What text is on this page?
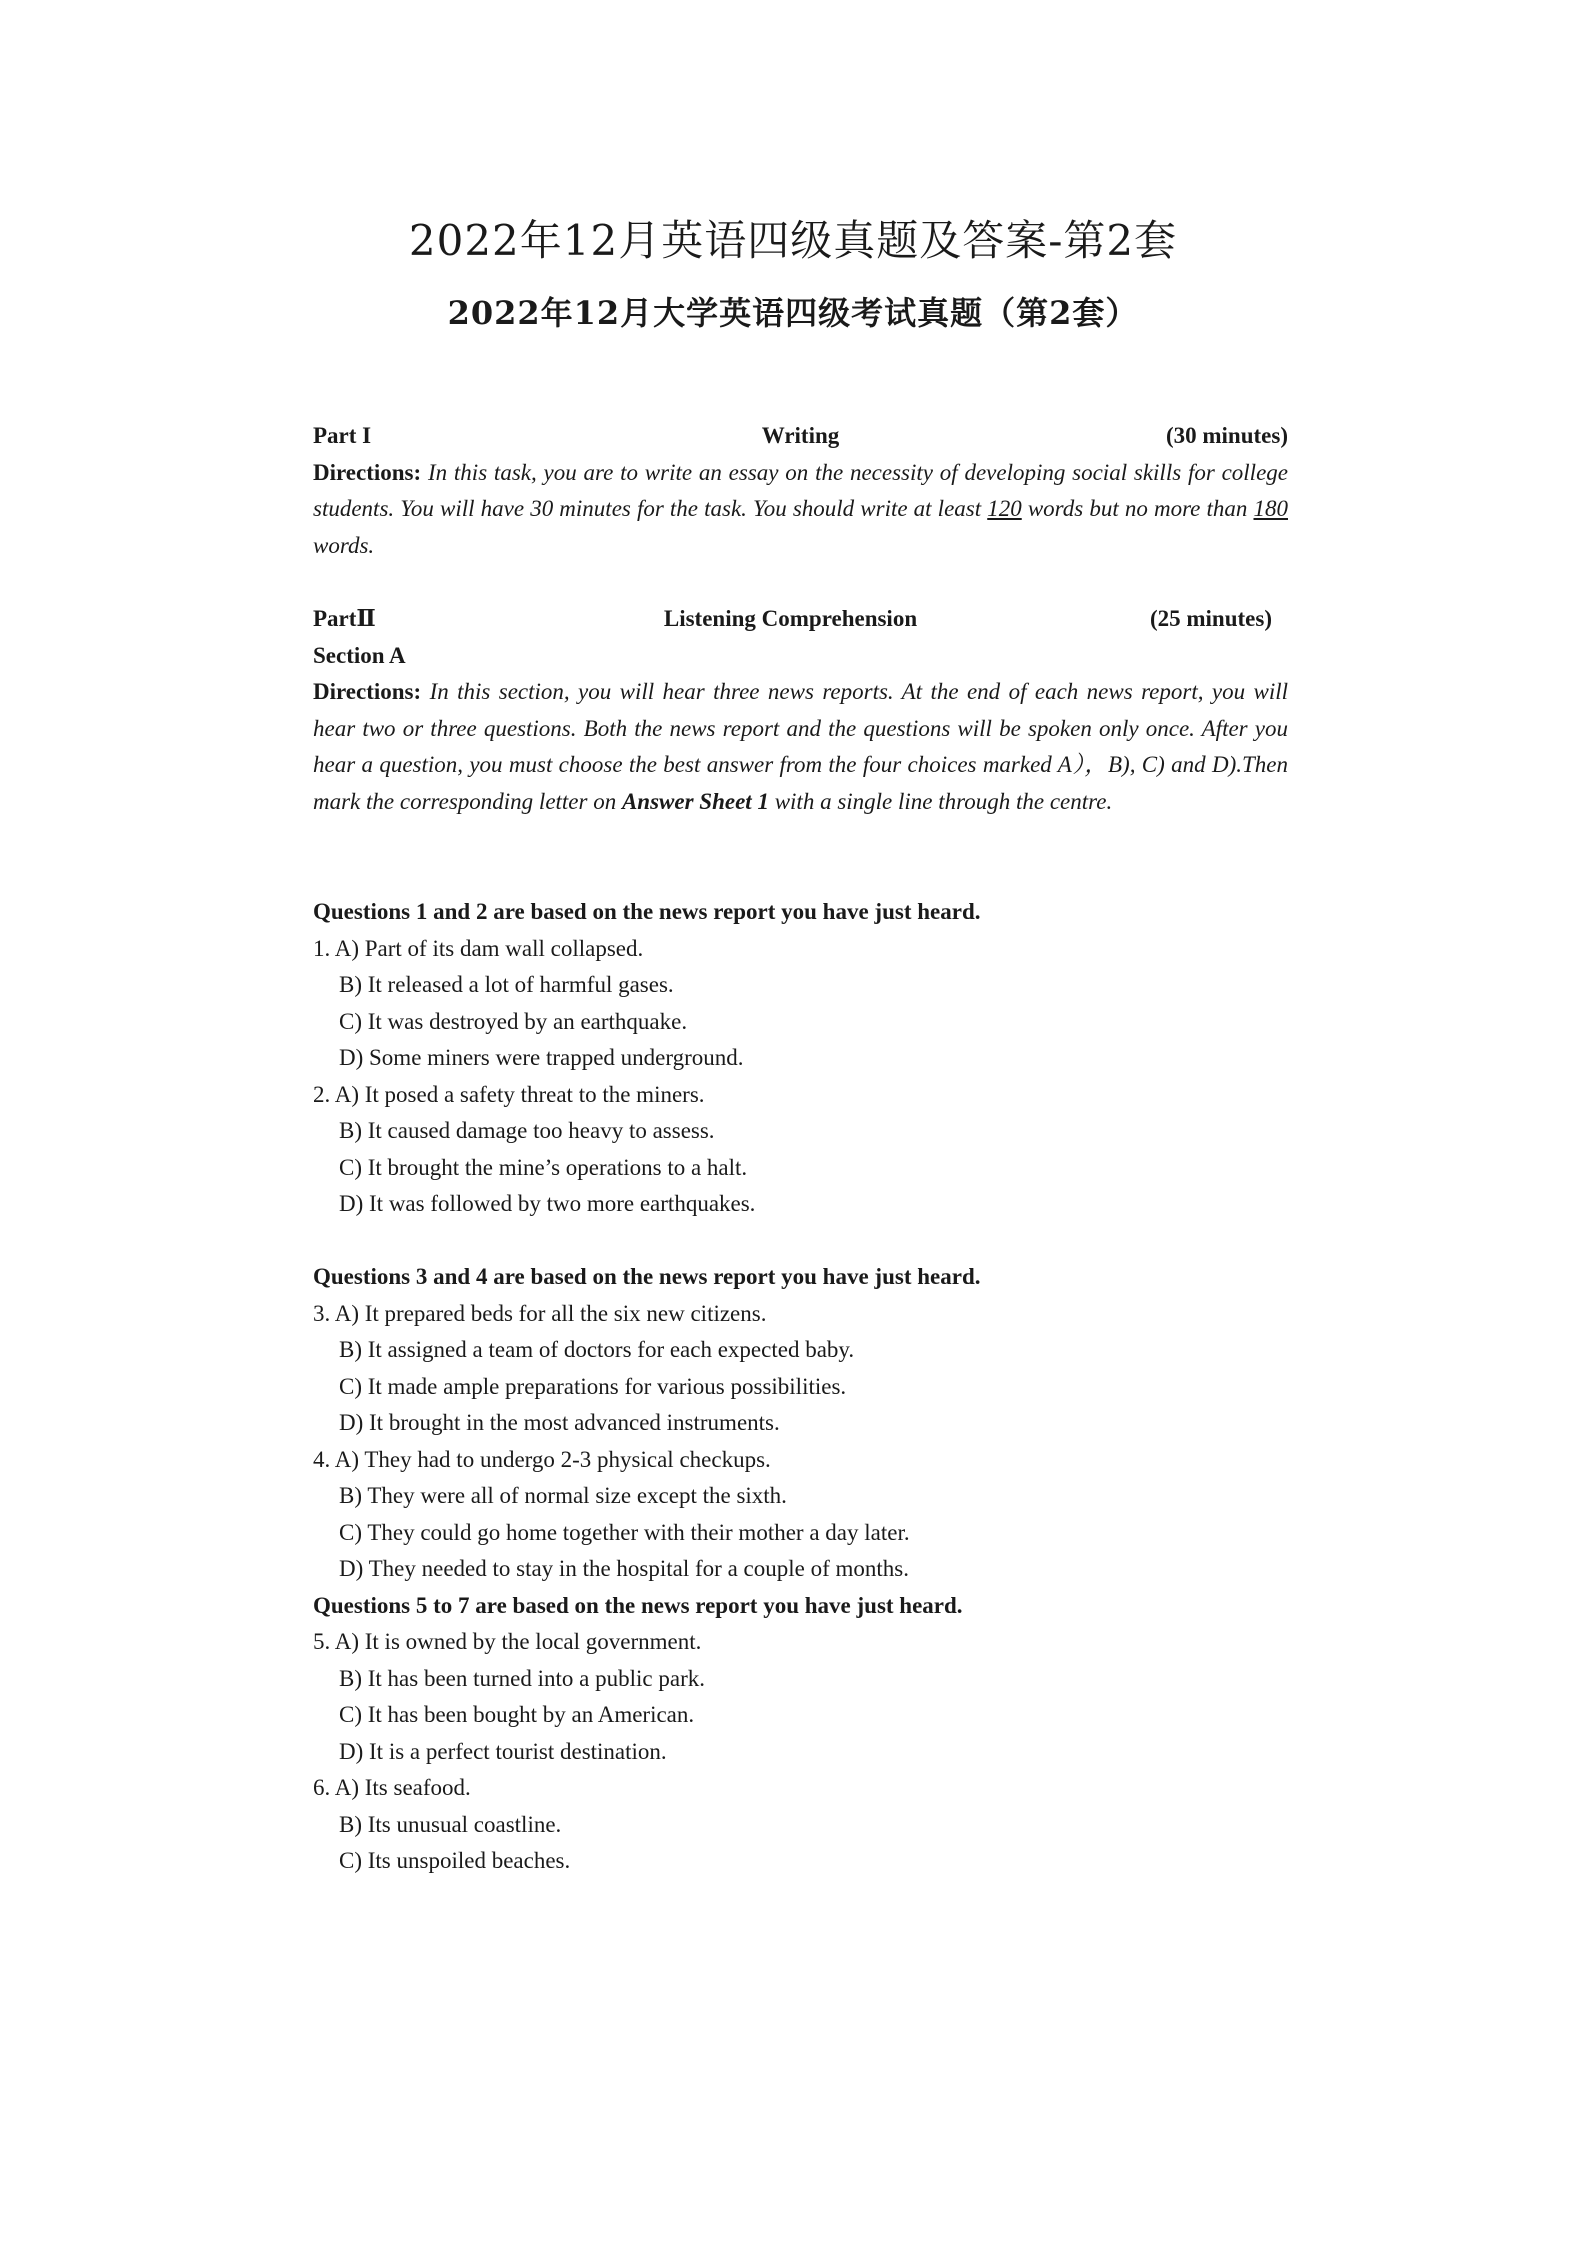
2022年12月英语四级真题及答案-第2套
2022年12月大学英语四级考试真题（第2套）
Part I	Writing	(30 minutes)
Directions: In this task, you are to write an essay on the necessity of developing social skills for college students. You will have 30 minutes for the task. You should write at least 120 words but no more than 180 words.
PartⅡ	Listening Comprehension	(25 minutes)
Section A
Directions: In this section, you will hear three news reports. At the end of each news report, you will hear two or three questions. Both the news report and the questions will be spoken only once. After you hear a question, you must choose the best answer from the four choices marked A），B), C) and D).Then mark the corresponding letter on Answer Sheet 1 with a single line through the centre.
Questions 1 and 2 are based on the news report you have just heard.
1. A) Part of its dam wall collapsed.
B) It released a lot of harmful gases.
C) It was destroyed by an earthquake.
D) Some miners were trapped underground.
2. A) It posed a safety threat to the miners.
B) It caused damage too heavy to assess.
C) It brought the mine’s operations to a halt.
D) It was followed by two more earthquakes.
Questions 3 and 4 are based on the news report you have just heard.
3. A) It prepared beds for all the six new citizens.
B) It assigned a team of doctors for each expected baby.
C) It made ample preparations for various possibilities.
D) It brought in the most advanced instruments.
4. A) They had to undergo 2-3 physical checkups.
B) They were all of normal size except the sixth.
C) They could go home together with their mother a day later.
D) They needed to stay in the hospital for a couple of months.
Questions 5 to 7 are based on the news report you have just heard.
5. A) It is owned by the local government.
B) It has been turned into a public park.
C) It has been bought by an American.
D) It is a perfect tourist destination.
6. A) Its seafood.
B) Its unusual coastline.
C) Its unspoiled beaches.
